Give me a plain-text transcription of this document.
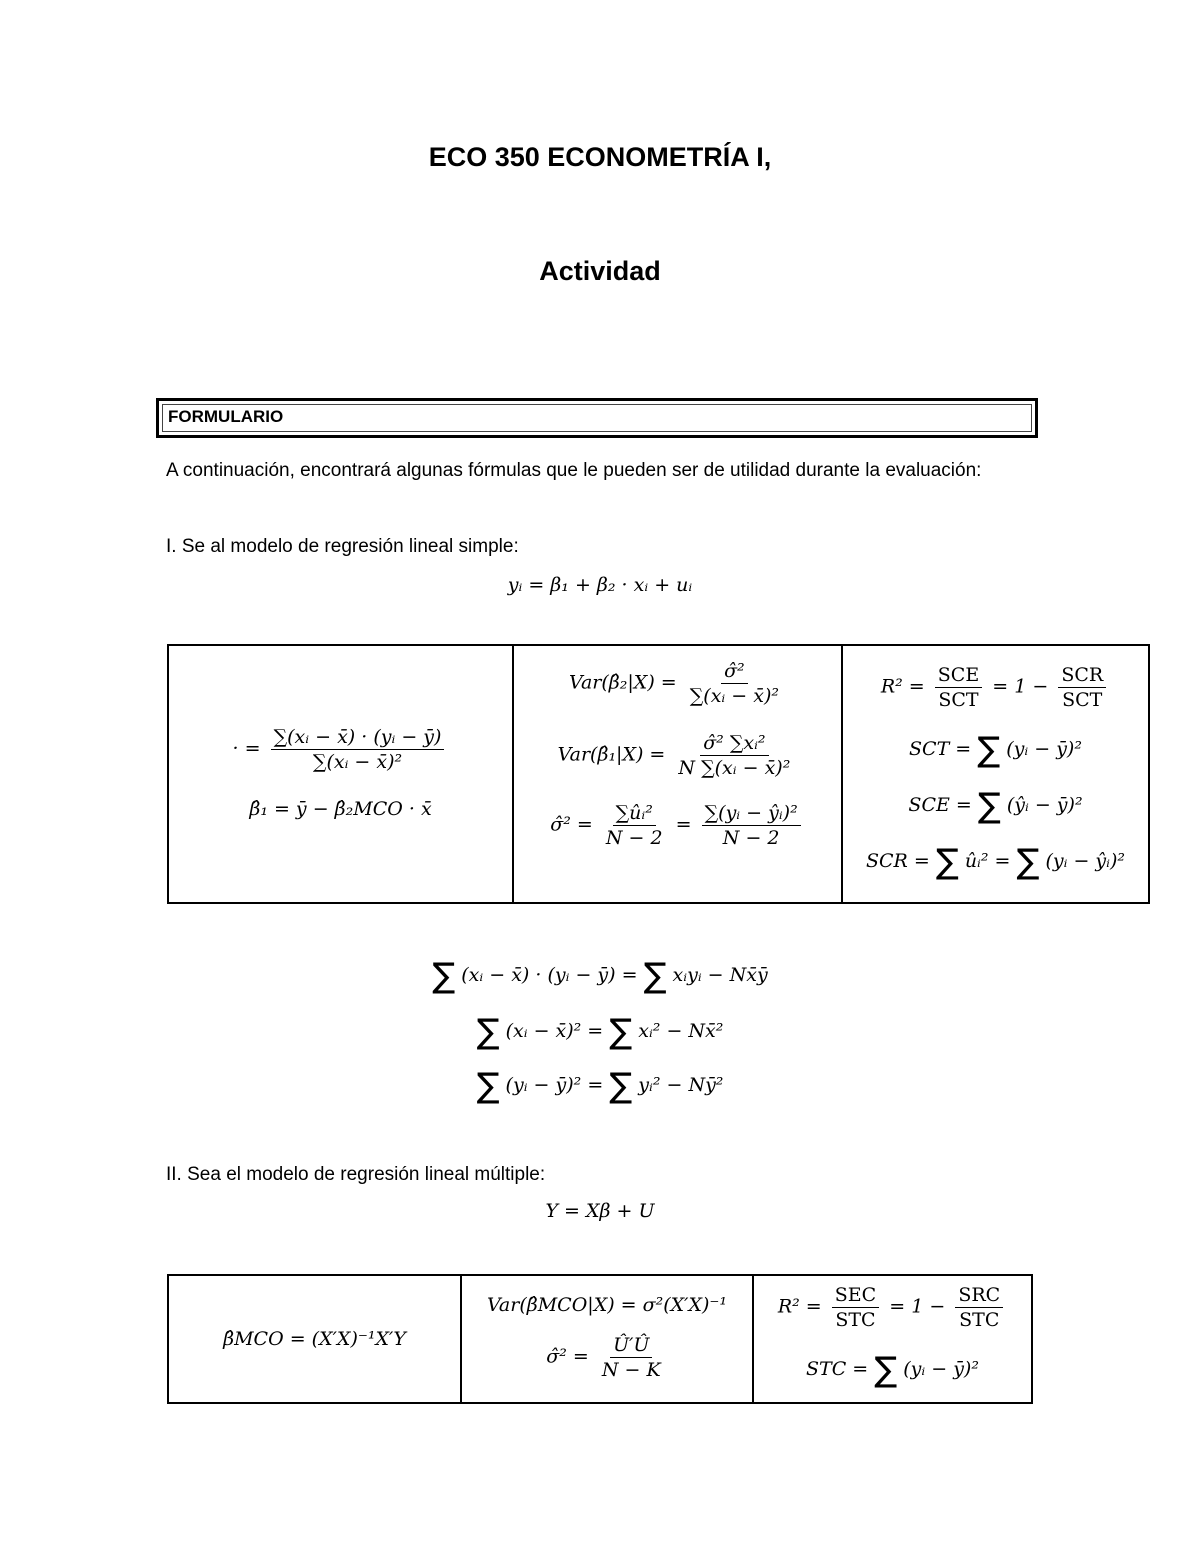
ECO 350 ECONOMETRÍA I,
Actividad
FORMULARIO
A continuación, encontrará algunas fórmulas que le pueden ser de utilidad durante la evaluación:
I. Se al modelo de regresión lineal simple:
yᵢ = β₁ + β₂ · xᵢ + uᵢ
· = $\frac{\text{∑(xᵢ − x̄) · (yᵢ − ȳ)}}{\text{∑(xᵢ − x̄)²}}$
β̂₁ = ȳ − β̂₂MCO · x̄

Var(β̂₂|X) = $\frac{\text{σ̂²}}{\text{∑(xᵢ − x̄)²}}$
Var(β̂₁|X) = $\frac{\text{σ̂² ∑xᵢ²}}{\text{N ∑(xᵢ − x̄)²}}$
σ̂² = $\frac{\text{∑ûᵢ²}}{N - 2} = \frac{\text{∑(yᵢ − ŷᵢ)²}}{N - 2}$

$R^2 = \frac{\text{SCE}}{\text{SCT}} = 1 - \frac{\text{SCR}}{\text{SCT}}$
SCT = ∑ (yᵢ − ȳ)²
SCE = ∑ (ŷᵢ − ȳ)²
SCR = ∑ ûᵢ² = ∑ (yᵢ − ŷᵢ)²
∑ (xᵢ − x̄) · (yᵢ − ȳ) = ∑ xᵢyᵢ − Nx̄ȳ
∑ (xᵢ − x̄)² = ∑ xᵢ² − Nx̄²
∑ (yᵢ − ȳ)² = ∑ yᵢ² − Nȳ²
II. Sea el modelo de regresión lineal múltiple:
Y = Xβ + U
β̂MCO = (X′X)⁻¹X′Y

Var(β̂MCO|X) = σ²(X′X)⁻¹
σ̂² = $\frac{Û'Û}{N - K}$

$R^2 = \frac{\text{SEC}}{\text{STC}} = 1 - \frac{\text{SRC}}{\text{STC}}$
STC = ∑ (yᵢ − ȳ)²
